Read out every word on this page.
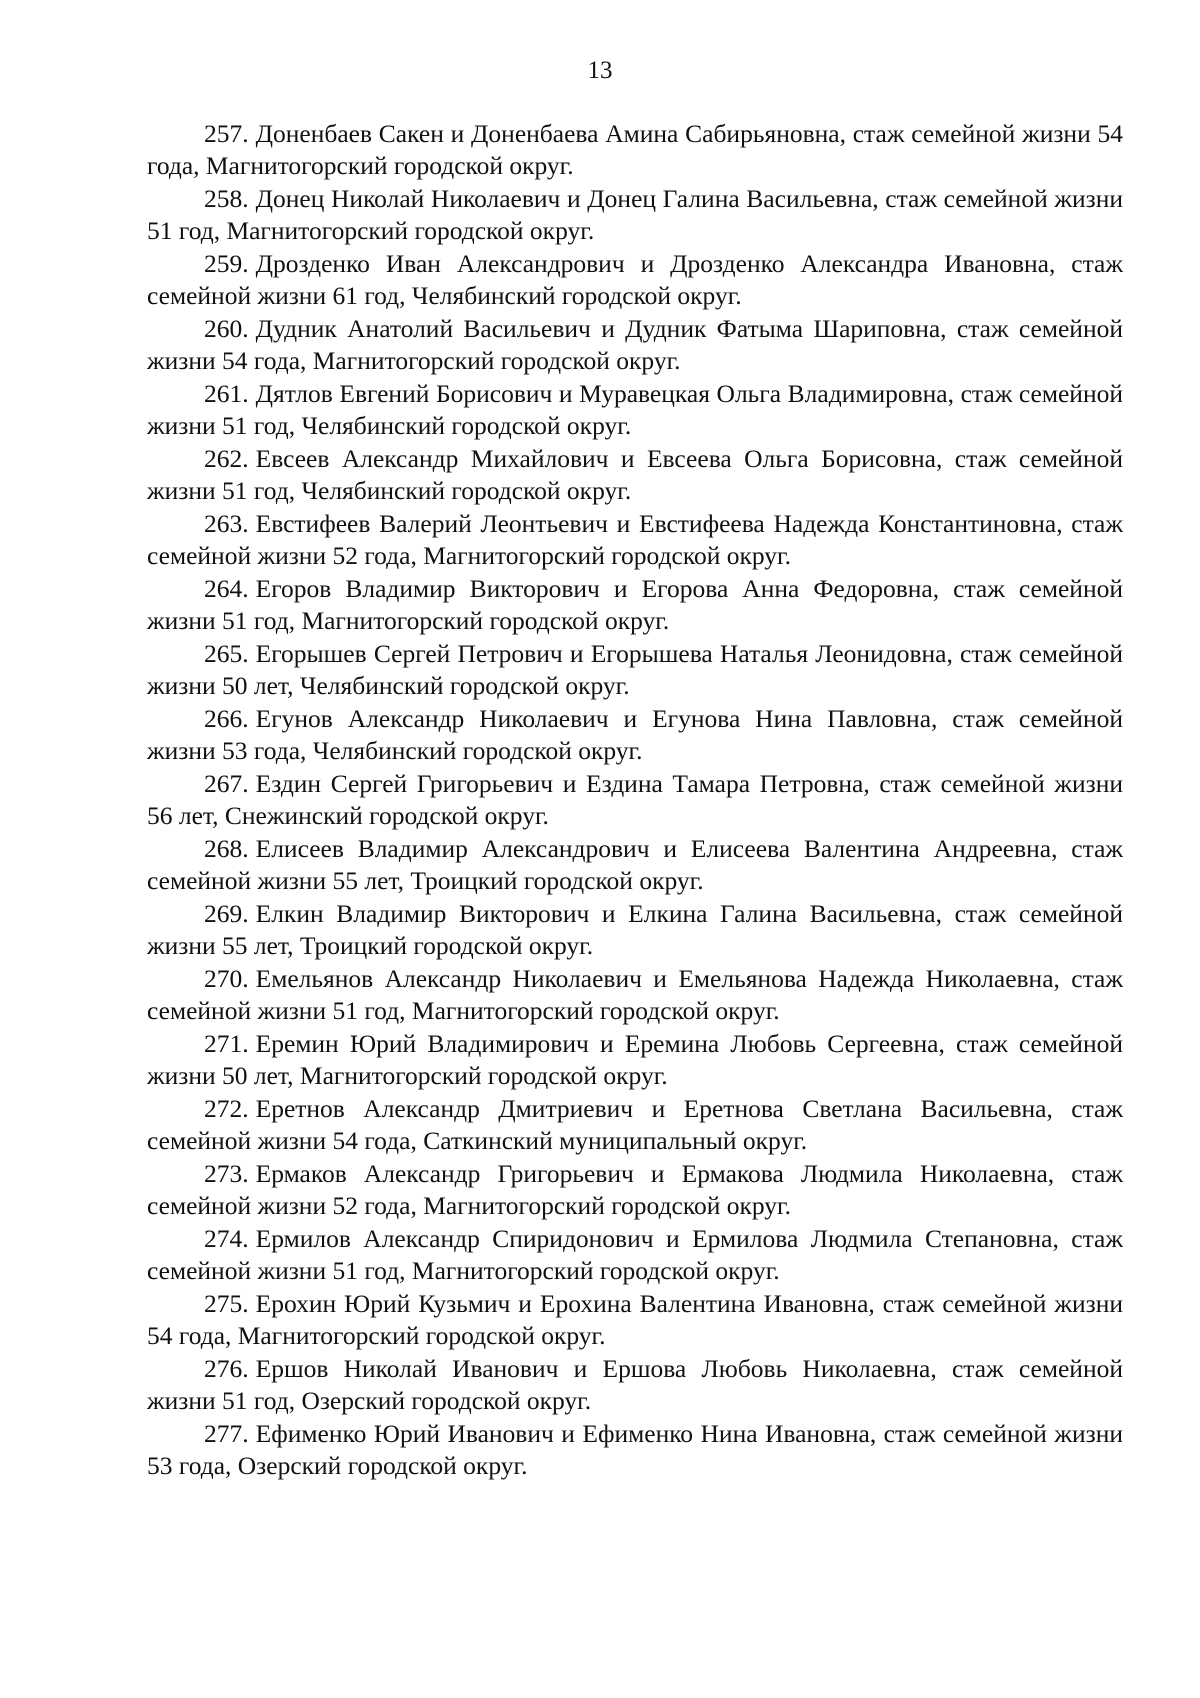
13

257. Доненбаев Сакен и Доненбаева Амина Сабирьяновна, стаж семейной жизни 54 года, Магнитогорский городской округ.

258. Донец Николай Николаевич и Донец Галина Васильевна, стаж семейной жизни 51 год, Магнитогорский городской округ.

259. Дрозденко Иван Александрович и Дрозденко Александра Ивановна, стаж семейной жизни 61 год, Челябинский городской округ.

260. Дудник Анатолий Васильевич и Дудник Фатыма Шариповна, стаж семейной жизни 54 года, Магнитогорский городской округ.

261. Дятлов Евгений Борисович и Муравецкая Ольга Владимировна, стаж семейной жизни 51 год, Челябинский городской округ.

262. Евсеев Александр Михайлович и Евсеева Ольга Борисовна, стаж семейной жизни 51 год, Челябинский городской округ.

263. Евстифеев Валерий Леонтьевич и Евстифеева Надежда Константиновна, стаж семейной жизни 52 года, Магнитогорский городской округ.

264. Егоров Владимир Викторович и Егорова Анна Федоровна, стаж семейной жизни 51 год, Магнитогорский городской округ.

265. Егорышев Сергей Петрович и Егорышева Наталья Леонидовна, стаж семейной жизни 50 лет, Челябинский городской округ.

266. Егунов Александр Николаевич и Егунова Нина Павловна, стаж семейной жизни 53 года, Челябинский городской округ.

267. Ездин Сергей Григорьевич и Ездина Тамара Петровна, стаж семейной жизни 56 лет, Снежинский городской округ.

268. Елисеев Владимир Александрович и Елисеева Валентина Андреевна, стаж семейной жизни 55 лет, Троицкий городской округ.

269. Елкин Владимир Викторович и Елкина Галина Васильевна, стаж семейной жизни 55 лет, Троицкий городской округ.

270. Емельянов Александр Николаевич и Емельянова Надежда Николаевна, стаж семейной жизни 51 год, Магнитогорский городской округ.

271. Еремин Юрий Владимирович и Еремина Любовь Сергеевна, стаж семейной жизни 50 лет, Магнитогорский городской округ.

272. Еретнов Александр Дмитриевич и Еретнова Светлана Васильевна, стаж семейной жизни 54 года, Саткинский муниципальный округ.

273. Ермаков Александр Григорьевич и Ермакова Людмила Николаевна, стаж семейной жизни 52 года, Магнитогорский городской округ.

274. Ермилов Александр Спиридонович и Ермилова Людмила Степановна, стаж семейной жизни 51 год, Магнитогорский городской округ.

275. Ерохин Юрий Кузьмич и Ерохина Валентина Ивановна, стаж семейной жизни 54 года, Магнитогорский городской округ.

276. Ершов Николай Иванович и Ершова Любовь Николаевна, стаж семейной жизни 51 год, Озерский городской округ.

277. Ефименко Юрий Иванович и Ефименко Нина Ивановна, стаж семейной жизни 53 года, Озерский городской округ.
